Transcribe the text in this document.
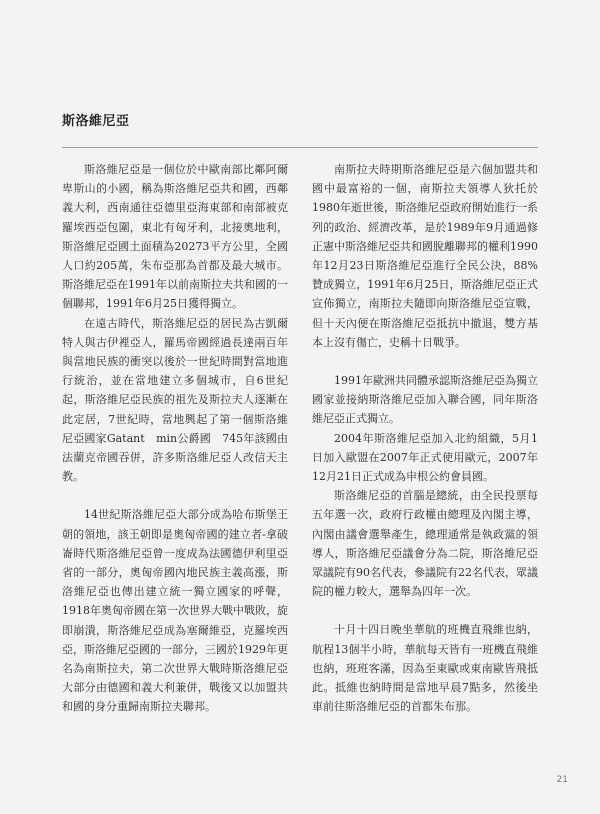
斯洛維尼亞

斯洛維尼亞是一個位於中歐南部比鄰阿爾卑斯山的小國，稱為斯洛維尼亞共和國，西鄰義大利，西南通往亞德里亞海東部和南部被克羅埃西亞包圍，東北有匈牙利，北接奧地利，斯洛維尼亞國土面積為20273平方公里，全國人口約205萬，朱布亞那為首都及最大城市。斯洛維尼亞在1991年以前南斯拉夫共和國的一個聯邦，1991年6月25日獲得獨立。

在遠古時代，斯洛維尼亞的居民為古凱爾特人與古伊裡亞人，羅馬帝國經過長達兩百年與當地民族的衝突以後於一世紀時間對當地進行統治，並在當地建立多個城市，自6世紀起，斯洛維尼亞民族的祖先及斯拉夫人逐漸在此定居，7世紀時，當地興起了第一個斯洛維尼亞國家Gatant　min公爵國　745年該國由法蘭克帝國吞併，許多斯洛維尼亞人改信天主教。

14世紀斯洛維尼亞大部分成為哈布斯堡王朝的領地，該王朝即是奧匈帝國的建立者-拿破崙時代斯洛維尼亞曾一度成為法國德伊利里亞省的一部分，奧匈帝國內地民族主義高漲，斯洛維尼亞也傳出建立統一獨立國家的呼聲，1918年奧匈帝國在第一次世界大戰中戰敗，旋即崩潰，斯洛維尼亞成為塞爾維亞，克羅埃西亞，斯洛維尼亞國的一部分，三國於1929年更名為南斯拉夫，第二次世界大戰時斯洛維尼亞大部分由德國和義大利兼併，戰後又以加盟共和國的身分重歸南斯拉夫聯邦。

南斯拉夫時期斯洛維尼亞是六個加盟共和國中最富裕的一個，南斯拉夫領導人狄托於1980年逝世後，斯洛維尼亞政府開始進行一系列的政治、經濟改革，是於1989年9月通過修正憲中斯洛維尼亞共和國脫離聯邦的權利1990年12月23日斯洛維尼亞進行全民公決，88%贊成獨立，1991年6月25日，斯洛維尼亞正式宣佈獨立，南斯拉夫隨即向斯洛維尼亞宣戰，但十天內便在斯洛維尼亞抵抗中撤退，雙方基本上沒有傷亡，史稱十日戰爭。

1991年歐洲共同體承認斯洛維尼亞為獨立國家並接納斯洛維尼亞加入聯合國，同年斯洛維尼亞正式獨立。

2004年斯洛維尼亞加入北約組織，5月1日加入歐盟在2007年正式使用歐元，2007年12月21日正式成為申根公約會員國。

斯洛維尼亞的首腦是總統，由全民投票每五年選一次，政府行政權由總理及內閣主導，內閣由議會選舉產生，總理通常是執政黨的領導人，斯洛維尼亞議會分為二院，斯洛維尼亞眾議院有90名代表，參議院有22名代表，眾議院的權力較大，選舉為四年一次。

十月十四日晚坐華航的班機直飛維也納，航程13個半小時，華航每天皆有一班機直飛維也納，班班客滿，因為至東歐或東南歐皆飛抵此。抵維也納時間是當地早晨7點多，然後坐車前往斯洛維尼亞的首都朱布那。

21
